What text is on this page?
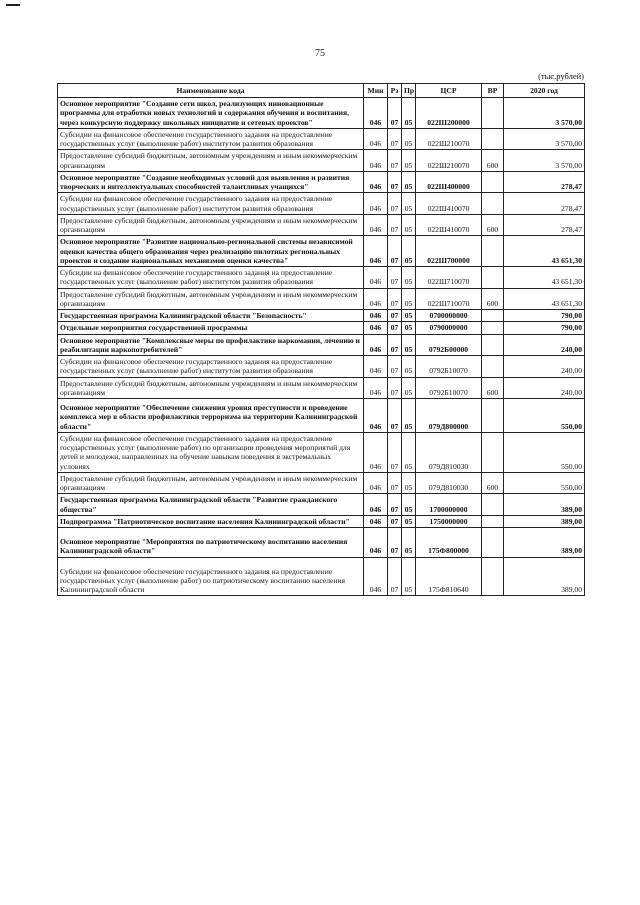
75
(тыс.рублей)
Наименование кода	Мин	Рз	Пр	ЦСР	ВР	2020 год
Основное мероприятие "Создание сети школ, реализующих инновационные программы для отработки новых технологий и содержания обучения и воспитания, через конкурсную поддержку школьных инициатив и сетевых проектов"	046	07	05	022Ш200000		3 570,00
Субсидии на финансовое обеспечение государственного задания на предоставление государственных услуг (выполнение работ) институтом развития образования	046	07	05	022Ш210070		3 570,00
Предоставление субсидий бюджетным, автономным учреждениям и иным некоммерческим организациям	046	07	05	022Ш210070	600	3 570,00
Основное мероприятие "Создание необходимых условий для выявления и развития творческих и интеллектуальных способностей талантливых учащихся"	046	07	05	022Ш400000		278,47
Субсидии на финансовое обеспечение государственного задания на предоставление государственных услуг (выполнение работ) институтом развития образования	046	07	05	022Ш410070		278,47
Предоставление субсидий бюджетным, автономным учреждениям и иным некоммерческим организациям	046	07	05	022Ш410070	600	278,47
Основное мероприятие "Развитие национально-региональной системы независимой оценки качества общего образования через реализацию пилотных региональных проектов и создание национальных механизмов оценки качества"	046	07	05	022Ш700000		43 651,30
Субсидии на финансовое обеспечение государственного задания на предоставление государственных услуг (выполнение работ) институтом развития образования	046	07	05	022Ш710070		43 651,30
Предоставление субсидий бюджетным, автономным учреждениям и иным некоммерческим организациям	046	07	05	022Ш710070	600	43 651,30
Государственная программа Калининградской области "Безопасность"	046	07	05	0700000000		790,00
Отдельные мероприятия государственной программы	046	07	05	0790000000		790,00
Основное мероприятие "Комплексные меры по профилактике наркомании, лечению и реабилитации наркопотребителей"	046	07	05	0792Б00000		240,00
Субсидии на финансовое обеспечение государственного задания на предоставление государственных услуг (выполнение работ) институтом развития образования	046	07	05	0792Б10070		240,00
Предоставление субсидий бюджетным, автономным учреждениям и иным некоммерческим организациям	046	07	05	0792Б10070	600	240,00
Основное мероприятие "Обеспечение снижения уровня преступности и проведение комплекса мер в области профилактики терроризма на территории Калининградской области"	046	07	05	079Д800000		550,00
Субсидии на финансовое обеспечение государственного задания на предоставление государственных услуг (выполнение работ) по организации проведения мероприятий для детей и молодежи, направленных на обучение навыкам поведения в экстремальных условиях	046	07	05	079Д810030		550,00
Предоставление субсидий бюджетным, автономным учреждениям и иным некоммерческим организациям	046	07	05	079Д810030	600	550,00
Государственная программа Калининградской области "Развитие гражданского общества"	046	07	05	1700000000		389,00
Подпрограмма "Патриотическое воспитание населения Калининградской области"	046	07	05	1750000000		389,00
Основное мероприятие "Мероприятия по патриотическому воспитанию населения Калининградской области"	046	07	05	175Ф800000		389,00
Субсидии на финансовое обеспечение государственного задания на предоставление государственных услуг (выполнение работ) по патриотическому воспитанию населения Калининградской области	046	07	05	175Ф810640		389,00
